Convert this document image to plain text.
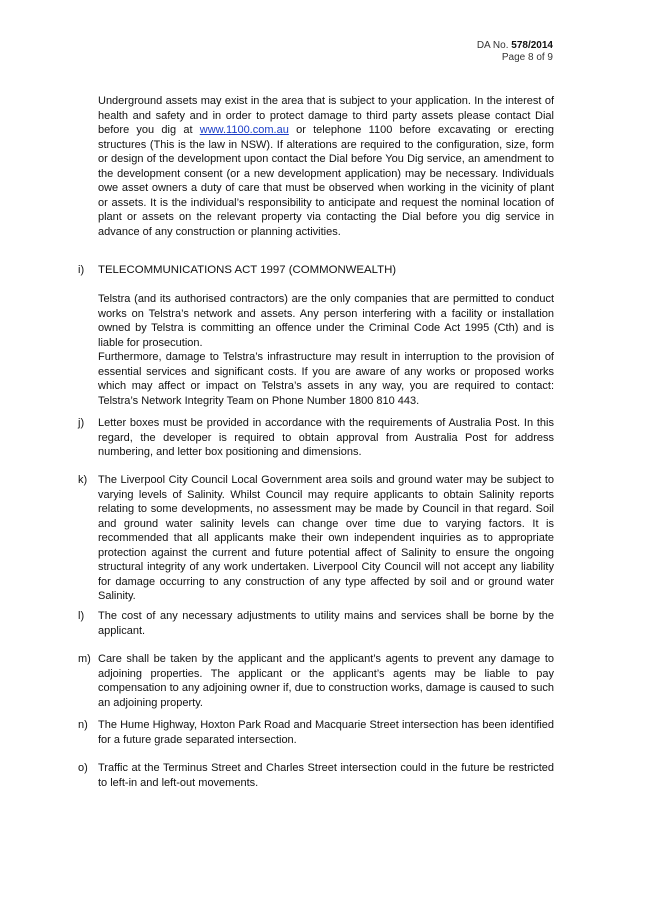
DA No. 578/2014
Page 8 of 9

Underground assets may exist in the area that is subject to your application. In the interest of health and safety and in order to protect damage to third party assets please contact Dial before you dig at www.1100.com.au or telephone 1100 before excavating or erecting structures (This is the law in NSW). If alterations are required to the configuration, size, form or design of the development upon contact the Dial before You Dig service, an amendment to the development consent (or a new development application) may be necessary. Individuals owe asset owners a duty of care that must be observed when working in the vicinity of plant or assets. It is the individual’s responsibility to anticipate and request the nominal location of plant or assets on the relevant property via contacting the Dial before you dig service in advance of any construction or planning activities.

i) TELECOMMUNICATIONS ACT 1997 (COMMONWEALTH)

Telstra (and its authorised contractors) are the only companies that are permitted to conduct works on Telstra’s network and assets. Any person interfering with a facility or installation owned by Telstra is committing an offence under the Criminal Code Act 1995 (Cth) and is liable for prosecution.

Furthermore, damage to Telstra’s infrastructure may result in interruption to the provision of essential services and significant costs. If you are aware of any works or proposed works which may affect or impact on Telstra’s assets in any way, you are required to contact: Telstra’s Network Integrity Team on Phone Number 1800 810 443.

j) Letter boxes must be provided in accordance with the requirements of Australia Post. In this regard, the developer is required to obtain approval from Australia Post for address numbering, and letter box positioning and dimensions.

k) The Liverpool City Council Local Government area soils and ground water may be subject to varying levels of Salinity. Whilst Council may require applicants to obtain Salinity reports relating to some developments, no assessment may be made by Council in that regard. Soil and ground water salinity levels can change over time due to varying factors. It is recommended that all applicants make their own independent inquiries as to appropriate protection against the current and future potential affect of Salinity to ensure the ongoing structural integrity of any work undertaken. Liverpool City Council will not accept any liability for damage occurring to any construction of any type affected by soil and or ground water Salinity.

l) The cost of any necessary adjustments to utility mains and services shall be borne by the applicant.

m) Care shall be taken by the applicant and the applicant’s agents to prevent any damage to adjoining properties. The applicant or the applicant’s agents may be liable to pay compensation to any adjoining owner if, due to construction works, damage is caused to such an adjoining property.

n) The Hume Highway, Hoxton Park Road and Macquarie Street intersection has been identified for a future grade separated intersection.

o) Traffic at the Terminus Street and Charles Street intersection could in the future be restricted to left-in and left-out movements.
